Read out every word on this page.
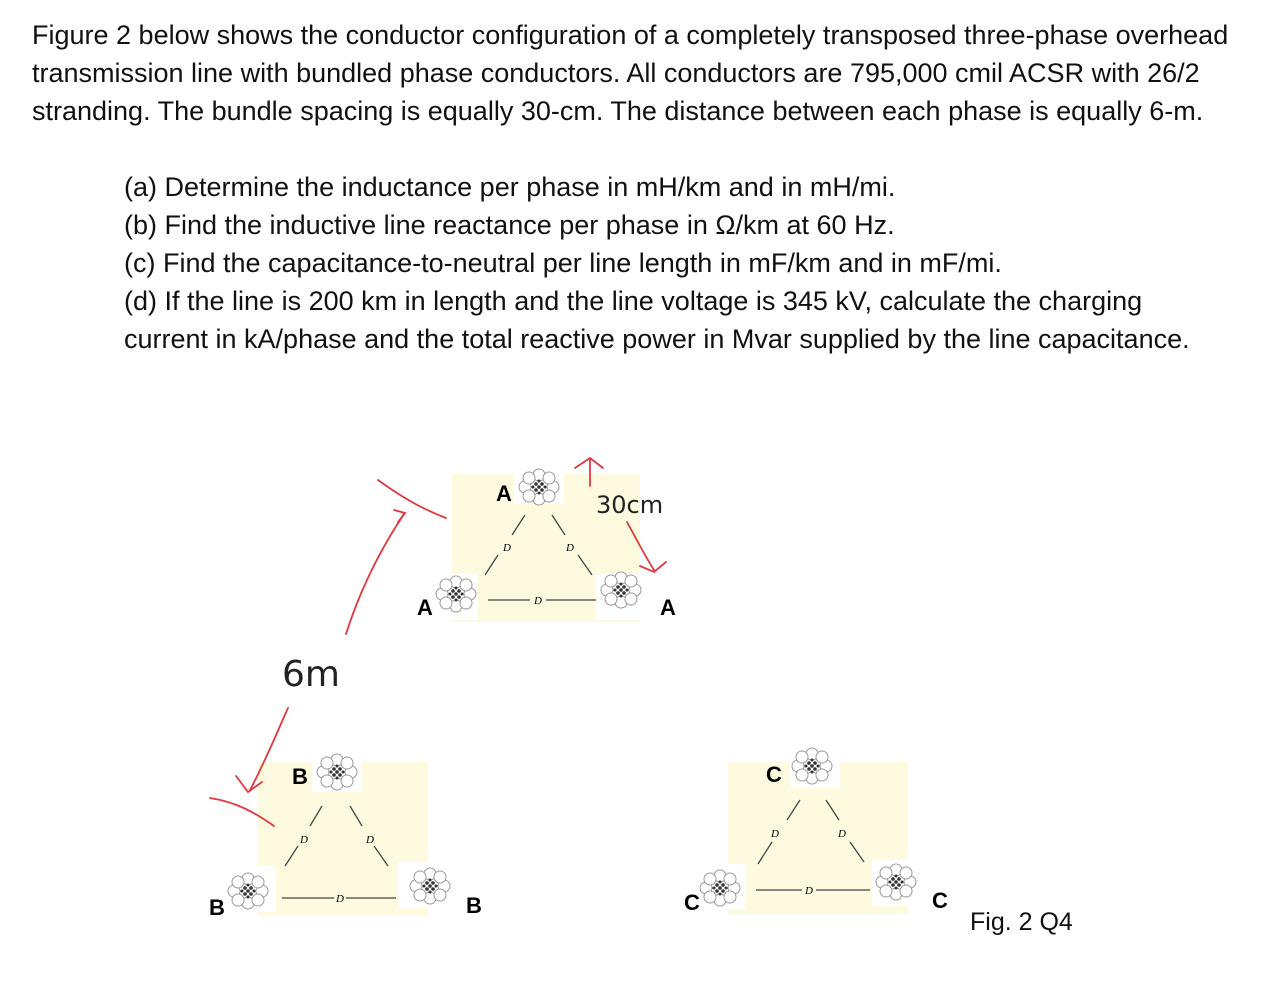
Figure 2 below shows the conductor configuration of a completely transposed three-phase overhead transmission line with bundled phase conductors. All conductors are 795,000 cmil ACSR with 26/2 stranding. The bundle spacing is equally 30-cm. The distance between each phase is equally 6-m.

(a) Determine the inductance per phase in mH/km and in mH/mi.

(b) Find the inductive line reactance per phase in Ω/km at 60 Hz.

(c) Find the capacitance-to-neutral per line length in mF/km and in mF/mi.

(d) If the line is 200 km in length and the line voltage is 345 kV, calculate the charging current in kA/phase and the total reactive power in Mvar supplied by the line capacitance.

D	D
D
A
A	A
D	D
D
B
B	B
D	D
D
C
C	C
30cm
6m
Fig. 2 Q4
